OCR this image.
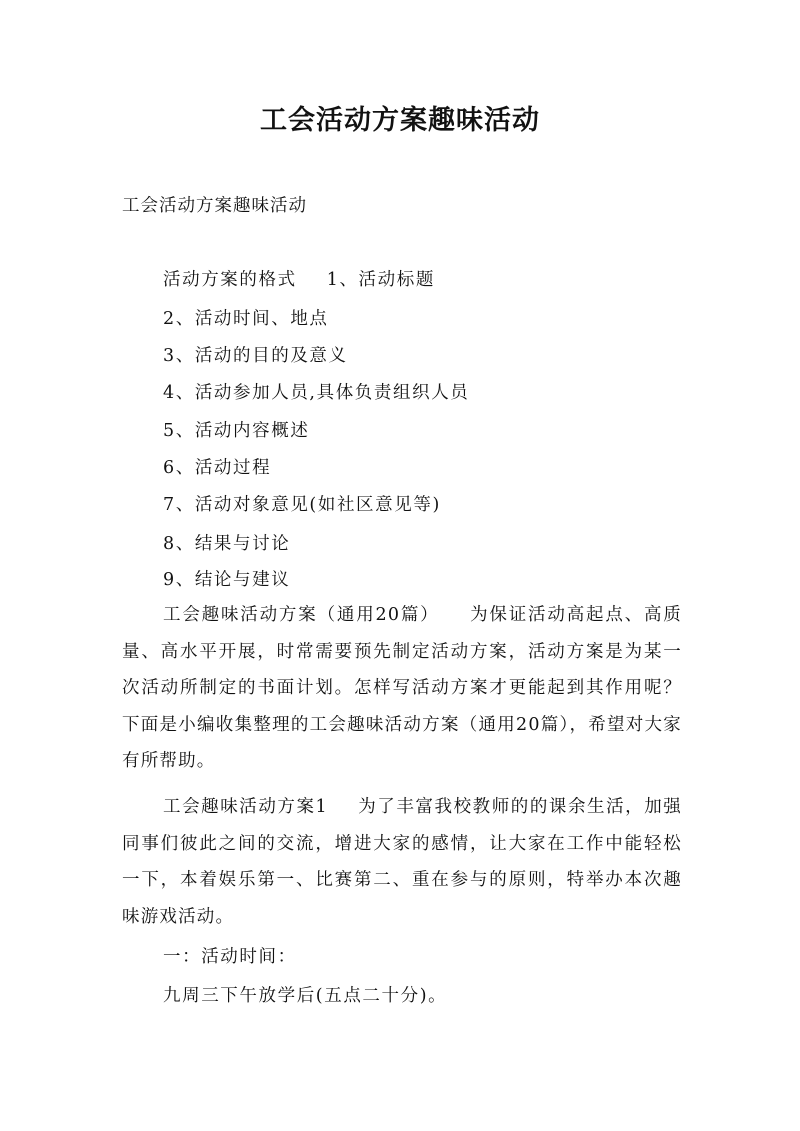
工会活动方案趣味活动
工会活动方案趣味活动
活动方案的格式 1、活动标题
2、活动时间、地点
3、活动的目的及意义
4、活动参加人员,具体负责组织人员
5、活动内容概述
6、活动过程
7、活动对象意见(如社区意见等)
8、结果与讨论
9、结论与建议
工会趣味活动方案（通用20篇） 为保证活动高起点、高质量、高水平开展，时常需要预先制定活动方案，活动方案是为某一次活动所制定的书面计划。怎样写活动方案才更能起到其作用呢？下面是小编收集整理的工会趣味活动方案（通用20篇），希望对大家有所帮助。
工会趣味活动方案1 为了丰富我校教师的的课余生活，加强同事们彼此之间的交流，增进大家的感情，让大家在工作中能轻松一下，本着娱乐第一、比赛第二、重在参与的原则，特举办本次趣味游戏活动。
一：活动时间：
九周三下午放学后(五点二十分)。
